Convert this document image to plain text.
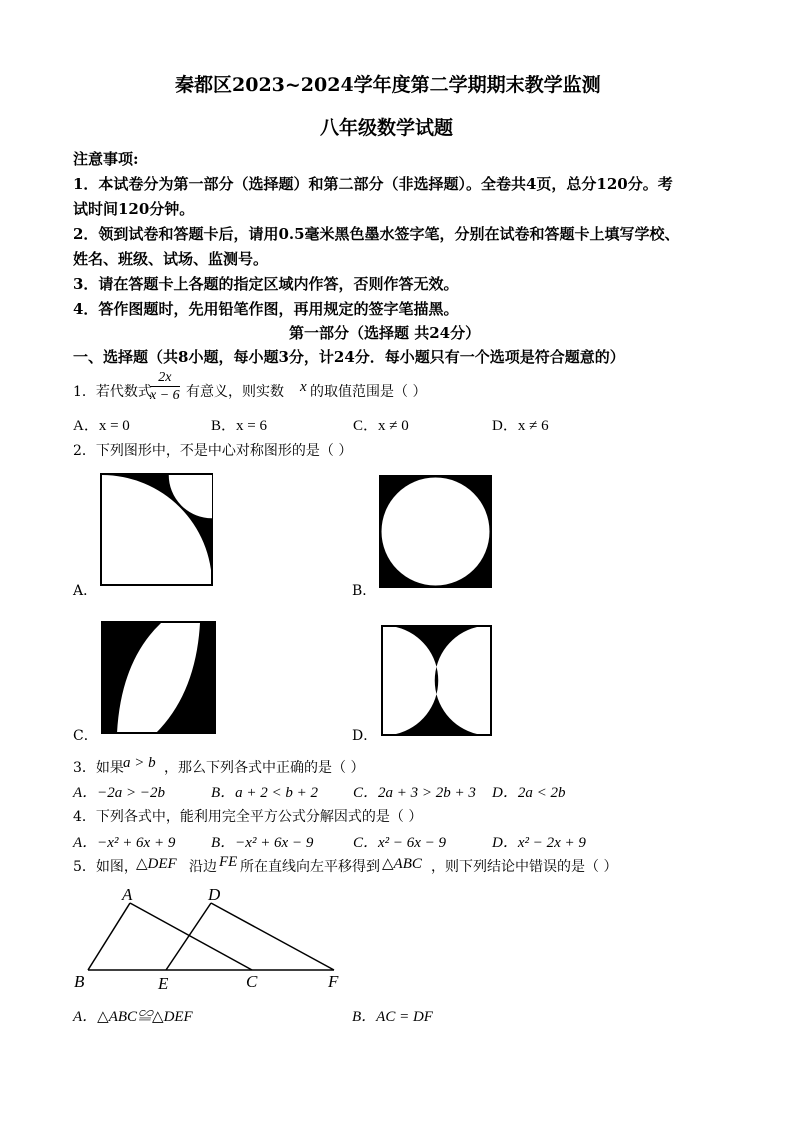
秦都区2023~2024学年度第二学期期末教学监测
八年级数学试题
注意事项:
1．本试卷分为第一部分（选择题）和第二部分（非选择题）。全卷共4页，总分120分。考
试时间120分钟。
2．领到试卷和答题卡后，请用0.5毫米黑色墨水签字笔，分别在试卷和答题卡上填写学校、
姓名、班级、试场、监测号。
3．请在答题卡上各题的指定区域内作答，否则作答无效。
4．答作图题时，先用铅笔作图，再用规定的签字笔描黑。
第一部分（选择题 共24分）
一、选择题（共8小题，每小题3分，计24分．每小题只有一个选项是符合题意的）
1．若代数式
$\frac{2x}{x - 6}$ 有意义，则实数 x 的取值范围是（ ）
A．x = 0	B．x = 6	C．x ≠ 0	D．x ≠ 6
2．下列图形中，不是中心对称图形的是（ ）
A．	B．
C．	D．
3．如果 a > b ，那么下列各式中正确的是（ ）
A．−2a > −2b	B．a + 2 < b + 2 C．2a + 3 > 2b + 3 D．2a < 2b
4．下列各式中，能利用完全平方公式分解因式的是（ ）
A．−x² + 6x + 9 B．−x² + 6x − 9	C．x² − 6x − 9	D．x² − 2x + 9
5．如图，
△DEF 沿边 FE 所在直线向左平移得到 △ABC ，则下列结论中错误的是（ ）
A	D
B	E	C	F
A．△ABC≌△DEF	B．AC = DF
